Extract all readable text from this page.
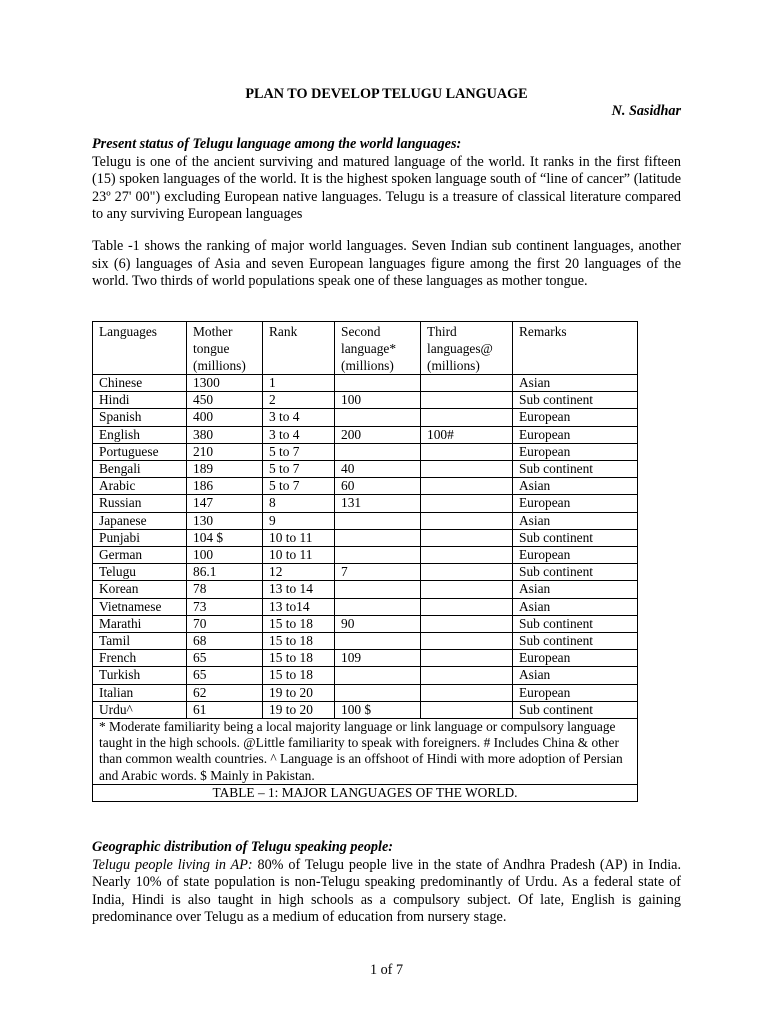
PLAN TO DEVELOP TELUGU LANGUAGE
N. Sasidhar
Present status of Telugu language among the world languages:

Telugu is one of the ancient surviving and matured language of the world. It ranks in the first fifteen (15) spoken languages of the world. It is the highest spoken language south of “line of cancer” (latitude 23º 27' 00") excluding European native languages. Telugu is a treasure of classical literature compared to any surviving European languages

Table -1 shows the ranking of major world languages. Seven Indian sub continent languages, another six (6) languages of Asia and seven European languages figure among the first 20 languages of the world. Two thirds of world populations speak one of these languages as mother tongue.

Languages	Mother tongue (millions)	Rank	Second language* (millions)	Third languages@ (millions)	Remarks
Chinese	1300	1			Asian
Hindi	450	2	100		Sub continent
Spanish	400	3 to 4			European
English	380	3 to 4	200	100#	European
Portuguese	210	5 to 7			European
Bengali	189	5 to 7	40		Sub continent
Arabic	186	5 to 7	60		Asian
Russian	147	8	131		European
Japanese	130	9			Asian
Punjabi	104 $	10 to 11			Sub continent
German	100	10 to 11			European
Telugu	86.1	12	7		Sub continent
Korean	78	13 to 14			Asian
Vietnamese	73	13 to14			Asian
Marathi	70	15 to 18	90		Sub continent
Tamil	68	15 to 18			Sub continent
French	65	15 to 18	109		European
Turkish	65	15 to 18			Asian
Italian	62	19 to 20			European
Urdu^	61	19 to 20	100 $		Sub continent
* Moderate familiarity being a local majority language or link language or compulsory language taught in the high schools. @Little familiarity to speak with foreigners. # Includes China & other than common wealth countries. ^ Language is an offshoot of Hindi with more adoption of Persian and Arabic words. $ Mainly in Pakistan.					
TABLE – 1: MAJOR LANGUAGES OF THE WORLD.					
Geographic distribution of Telugu speaking people:

Telugu people living in AP: 80% of Telugu people live in the state of Andhra Pradesh (AP) in India. Nearly 10% of state population is non-Telugu speaking predominantly of Urdu. As a federal state of India, Hindi is also taught in high schools as a compulsory subject. Of late, English is gaining predominance over Telugu as a medium of education from nursery stage.

1 of 7
